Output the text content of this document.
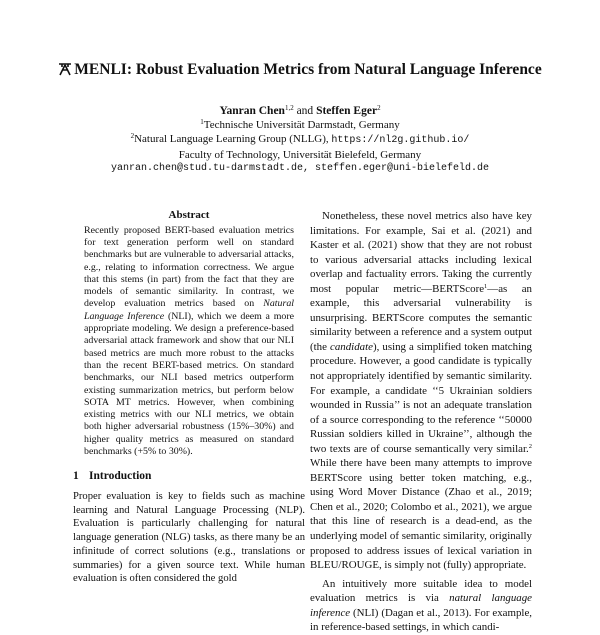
MENLI: Robust Evaluation Metrics from Natural Language Inference
Yanran Chen$^{1,2}$ and Steffen Eger$^2$
$^1$Technische Universität Darmstadt, Germany
$^2$Natural Language Learning Group (NLLG), https://nl2g.github.io/
Faculty of Technology, Universität Bielefeld, Germany
yanran.chen@stud.tu-darmstadt.de, steffen.eger@uni-bielefeld.de
Abstract
Recently proposed BERT-based evaluation metrics for text generation perform well on standard benchmarks but are vulnerable to adversarial attacks, e.g., relating to information correctness. We argue that this stems (in part) from the fact that they are models of semantic similarity. In contrast, we develop evaluation metrics based on Natural Language Inference (NLI), which we deem a more appropriate modeling. We design a preference-based adversarial attack framework and show that our NLI based metrics are much more robust to the attacks than the recent BERT-based metrics. On standard benchmarks, our NLI based metrics outperform existing summarization metrics, but perform below SOTA MT metrics. However, when combining existing metrics with our NLI metrics, we obtain both higher adversarial robustness (15%–30%) and higher quality metrics as measured on standard benchmarks (+5% to 30%).
1 Introduction

Proper evaluation is key to fields such as machine learning and Natural Language Processing (NLP). Evaluation is particularly challenging for natural language generation (NLG) tasks, as there many be an infinitude of correct solutions (e.g., translations or summaries) for a given source text. While human evaluation is often considered the gold

Nonetheless, these novel metrics also have key limitations. For example, Sai et al. (2021) and Kaster et al. (2021) show that they are not robust to various adversarial attacks including lexical overlap and factuality errors. Taking the currently most popular metric—BERTScore$^1$—as an example, this adversarial vulnerability is unsurprising. BERTScore computes the semantic similarity between a reference and a system output (the candidate), using a simplified token matching procedure. However, a good candidate is typically not appropriately identified by semantic similarity. For example, a candidate ‘‘5 Ukrainian soldiers wounded in Russia’’ is not an adequate translation of a source corresponding to the reference ‘‘50000 Russian soldiers killed in Ukraine’’, although the two texts are of course semantically very similar.$^2$ While there have been many attempts to improve BERTScore using better token matching, e.g., using Word Mover Distance (Zhao et al., 2019; Chen et al., 2020; Colombo et al., 2021), we argue that this line of research is a dead-end, as the underlying model of semantic similarity, originally proposed to address issues of lexical variation in BLEU/ROUGE, is simply not (fully) appropriate.

An intuitively more suitable idea to model evaluation metrics is via natural language inference (NLI) (Dagan et al., 2013). For example, in reference-based settings, in which candi-
